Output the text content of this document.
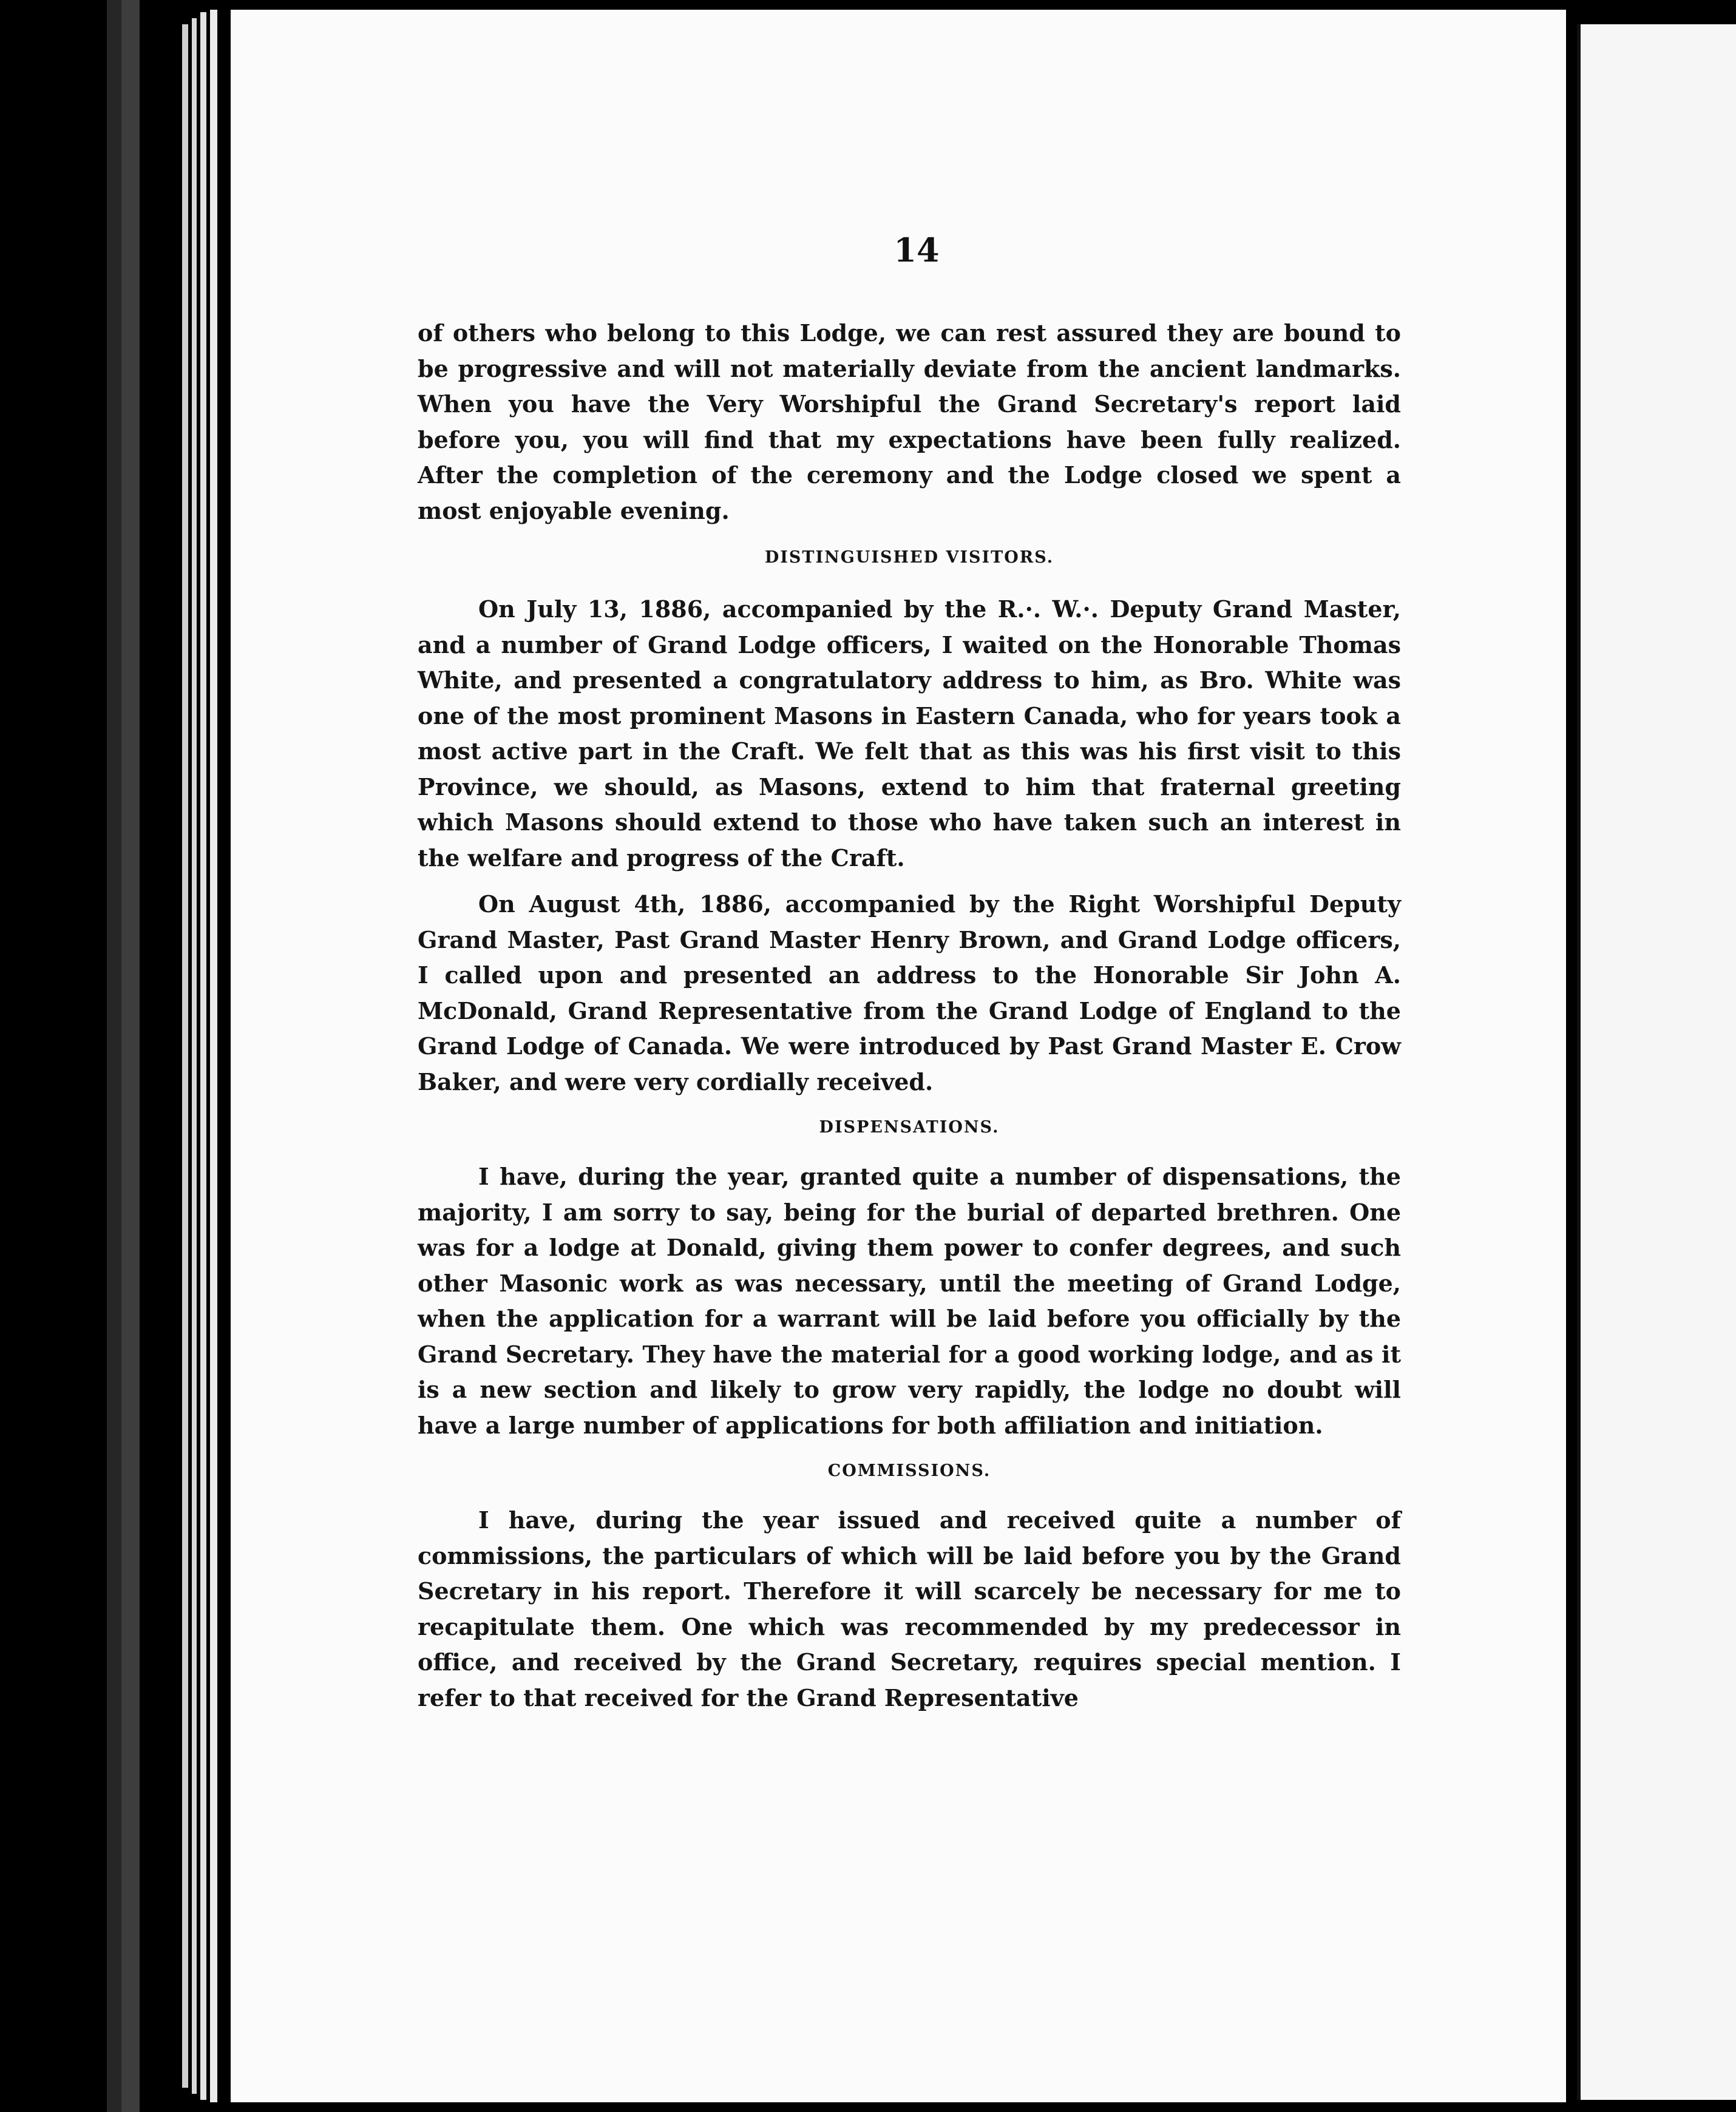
14

of others who belong to this Lodge, we can rest assured they are bound to be progressive and will not materially deviate from the ancient landmarks. When you have the Very Worshipful the Grand Secretary's report laid before you, you will find that my expectations have been fully realized. After the completion of the ceremony and the Lodge closed we spent a most enjoyable evening.

DISTINGUISHED VISITORS.

On July 13, 1886, accompanied by the R.·. W.·. Deputy Grand Master, and a number of Grand Lodge officers, I waited on the Honorable Thomas White, and presented a congratulatory address to him, as Bro. White was one of the most prominent Masons in Eastern Canada, who for years took a most active part in the Craft. We felt that as this was his first visit to this Province, we should, as Masons, extend to him that fraternal greeting which Masons should extend to those who have taken such an interest in the welfare and progress of the Craft.

On August 4th, 1886, accompanied by the Right Worshipful Deputy Grand Master, Past Grand Master Henry Brown, and Grand Lodge officers, I called upon and presented an address to the Honorable Sir John A. McDonald, Grand Representative from the Grand Lodge of England to the Grand Lodge of Canada. We were introduced by Past Grand Master E. Crow Baker, and were very cordially received.

DISPENSATIONS.

I have, during the year, granted quite a number of dispensations, the majority, I am sorry to say, being for the burial of departed brethren. One was for a lodge at Donald, giving them power to confer degrees, and such other Masonic work as was necessary, until the meeting of Grand Lodge, when the application for a warrant will be laid before you officially by the Grand Secretary. They have the material for a good working lodge, and as it is a new section and likely to grow very rapidly, the lodge no doubt will have a large number of applications for both affiliation and initiation.

COMMISSIONS.

I have, during the year issued and received quite a number of commissions, the particulars of which will be laid before you by the Grand Secretary in his report. Therefore it will scarcely be necessary for me to recapitulate them. One which was recommended by my predecessor in office, and received by the Grand Secretary, requires special mention. I refer to that received for the Grand Representative
